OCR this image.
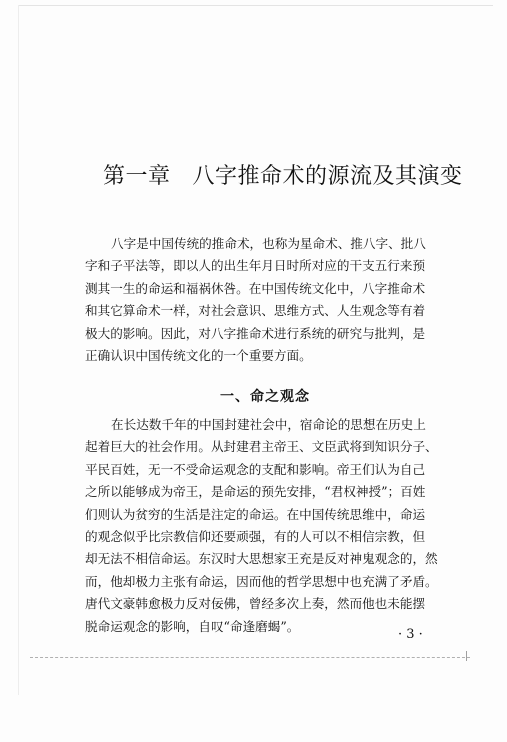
第一章 八字推命术的源流及其演变

八字是中国传统的推命术，也称为星命术、推八字、批八
字和子平法等，即以人的出生年月日时所对应的干支五行来预
测其一生的命运和福祸休咎。在中国传统文化中，八字推命术
和其它算命术一样，对社会意识、思维方式、人生观念等有着
极大的影响。因此，对八字推命术进行系统的研究与批判，是
正确认识中国传统文化的一个重要方面。

一、命之观念

在长达数千年的中国封建社会中，宿命论的思想在历史上
起着巨大的社会作用。从封建君主帝王、文臣武将到知识分子、
平民百姓，无一不受命运观念的支配和影响。帝王们认为自己
之所以能够成为帝王，是命运的预先安排，“君权神授”；百姓
们则认为贫穷的生活是注定的命运。在中国传统思维中，命运
的观念似乎比宗教信仰还要顽强，有的人可以不相信宗教，但
却无法不相信命运。东汉时大思想家王充是反对神鬼观念的，然
而，他却极力主张有命运，因而他的哲学思想中也充满了矛盾。
唐代文豪韩愈极力反对佞佛，曾经多次上奏，然而他也未能摆
脱命运观念的影响，自叹“命逢磨蝎”。

· 3 ·
